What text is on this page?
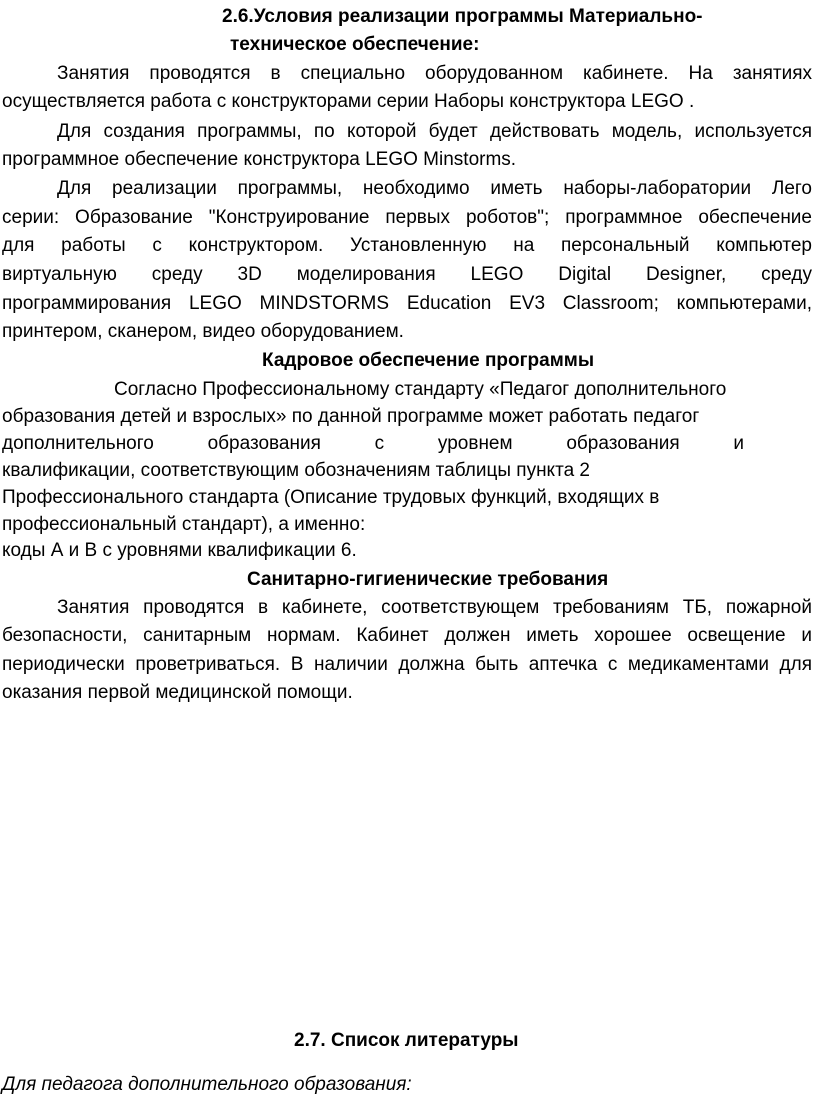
2.6.Условия реализации программы Материально-

техническое обеспечение:

Занятия проводятся в специально оборудованном кабинете. На занятиях

осуществляется работа с конструкторами серии Наборы конструктора LEGO .

Для создания программы, по которой будет действовать модель, используется

программное обеспечение конструктора LEGO Minstorms.

Для реализации программы, необходимо иметь наборы-лаборатории Лего

серии: Образование "Конструирование первых роботов"; программное обеспечение

для работы с конструктором. Установленную на персональный компьютер

виртуальную среду 3D моделирования LEGO Digital Designer, среду

программирования LEGO MINDSTORMS Education EV3 Classroom; компьютерами,

принтером, сканером, видео оборудованием.

Кадровое обеспечение программы

Согласно Профессиональному стандарту «Педагог дополнительного

образования детей и взрослых» по данной программе может работать педагог

дополнительного образования с уровнем образования и

квалификации, соответствующим обозначениям таблицы пункта 2

Профессионального стандарта (Описание трудовых функций, входящих в

профессиональный стандарт), а именно:

коды А и В с уровнями квалификации 6.

Санитарно-гигиенические требования

Занятия проводятся в кабинете, соответствующем требованиям ТБ, пожарной

безопасности, санитарным нормам. Кабинет должен иметь хорошее освещение и

периодически проветриваться. В наличии должна быть аптечка с медикаментами для

оказания первой медицинской помощи.

2.7. Список литературы

Для педагога дополнительного образования:
